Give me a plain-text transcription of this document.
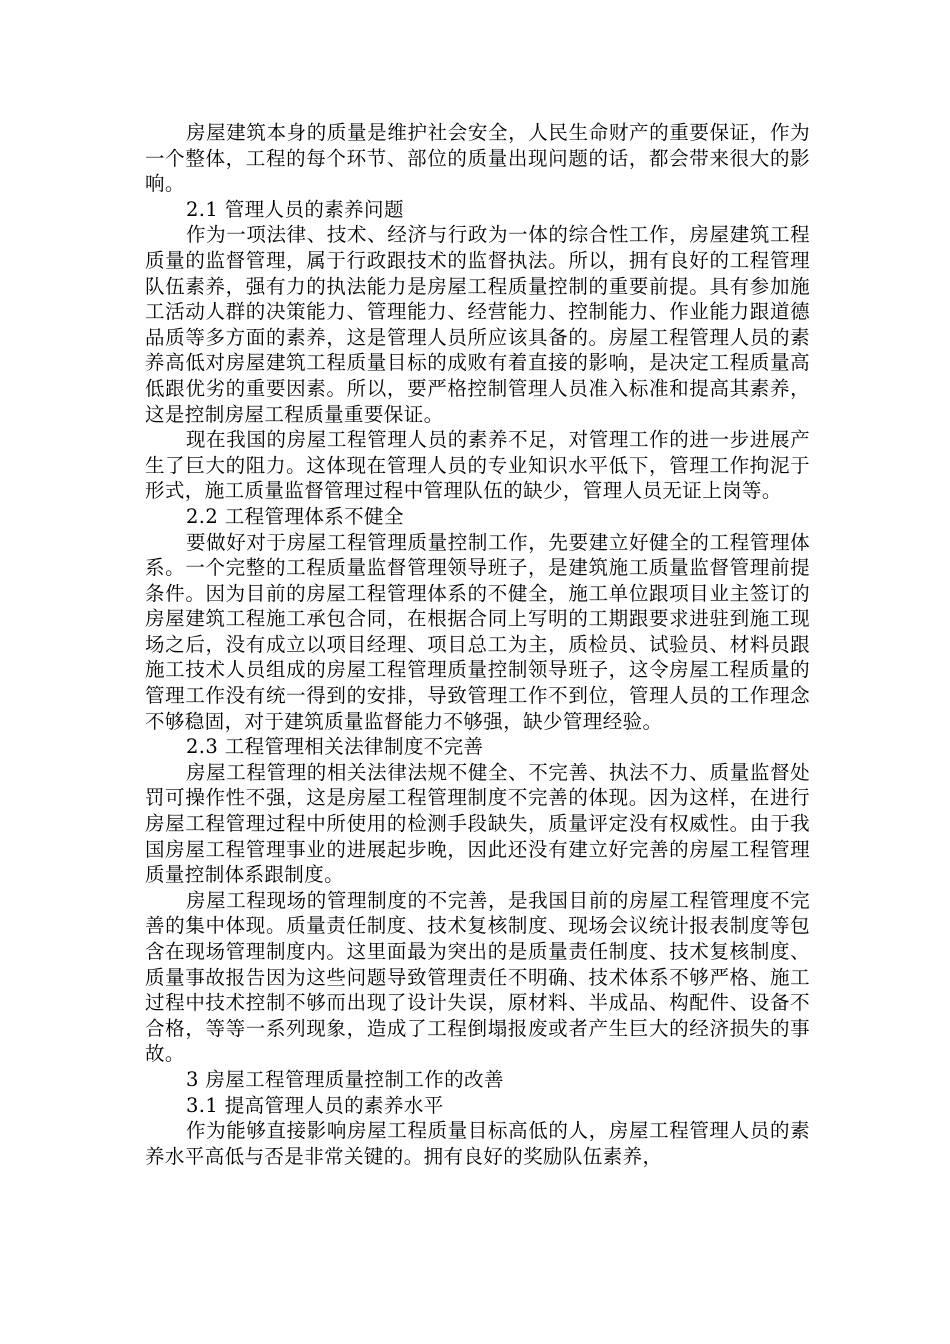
房屋建筑本身的质量是维护社会安全，人民生命财产的重要保证，作为一个整体，工程的每个环节、部位的质量出现问题的话，都会带来很大的影响。

2.1 管理人员的素养问题

作为一项法律、技术、经济与行政为一体的综合性工作，房屋建筑工程质量的监督管理，属于行政跟技术的监督执法。所以，拥有良好的工程管理队伍素养，强有力的执法能力是房屋工程质量控制的重要前提。具有参加施工活动人群的决策能力、管理能力、经营能力、控制能力、作业能力跟道德品质等多方面的素养，这是管理人员所应该具备的。房屋工程管理人员的素养高低对房屋建筑工程质量目标的成败有着直接的影响，是决定工程质量高低跟优劣的重要因素。所以，要严格控制管理人员准入标准和提高其素养，这是控制房屋工程质量重要保证。

现在我国的房屋工程管理人员的素养不足，对管理工作的进一步进展产生了巨大的阻力。这体现在管理人员的专业知识水平低下，管理工作拘泥于形式，施工质量监督管理过程中管理队伍的缺少，管理人员无证上岗等。

2.2 工程管理体系不健全

要做好对于房屋工程管理质量控制工作，先要建立好健全的工程管理体系。一个完整的工程质量监督管理领导班子，是建筑施工质量监督管理前提条件。因为目前的房屋工程管理体系的不健全，施工单位跟项目业主签订的房屋建筑工程施工承包合同，在根据合同上写明的工期跟要求进驻到施工现场之后，没有成立以项目经理、项目总工为主，质检员、试验员、材料员跟施工技术人员组成的房屋工程管理质量控制领导班子，这令房屋工程质量的管理工作没有统一得到的安排，导致管理工作不到位，管理人员的工作理念不够稳固，对于建筑质量监督能力不够强，缺少管理经验。

2.3 工程管理相关法律制度不完善

房屋工程管理的相关法律法规不健全、不完善、执法不力、质量监督处罚可操作性不强，这是房屋工程管理制度不完善的体现。因为这样，在进行房屋工程管理过程中所使用的检测手段缺失，质量评定没有权威性。由于我国房屋工程管理事业的进展起步晚，因此还没有建立好完善的房屋工程管理质量控制体系跟制度。

房屋工程现场的管理制度的不完善，是我国目前的房屋工程管理度不完善的集中体现。质量责任制度、技术复核制度、现场会议统计报表制度等包含在现场管理制度内。这里面最为突出的是质量责任制度、技术复核制度、质量事故报告因为这些问题导致管理责任不明确、技术体系不够严格、施工过程中技术控制不够而出现了设计失误，原材料、半成品、构配件、设备不合格，等等一系列现象，造成了工程倒塌报废或者产生巨大的经济损失的事故。

3 房屋工程管理质量控制工作的改善

3.1 提高管理人员的素养水平

作为能够直接影响房屋工程质量目标高低的人，房屋工程管理人员的素养水平高低与否是非常关键的。拥有良好的奖励队伍素养，
